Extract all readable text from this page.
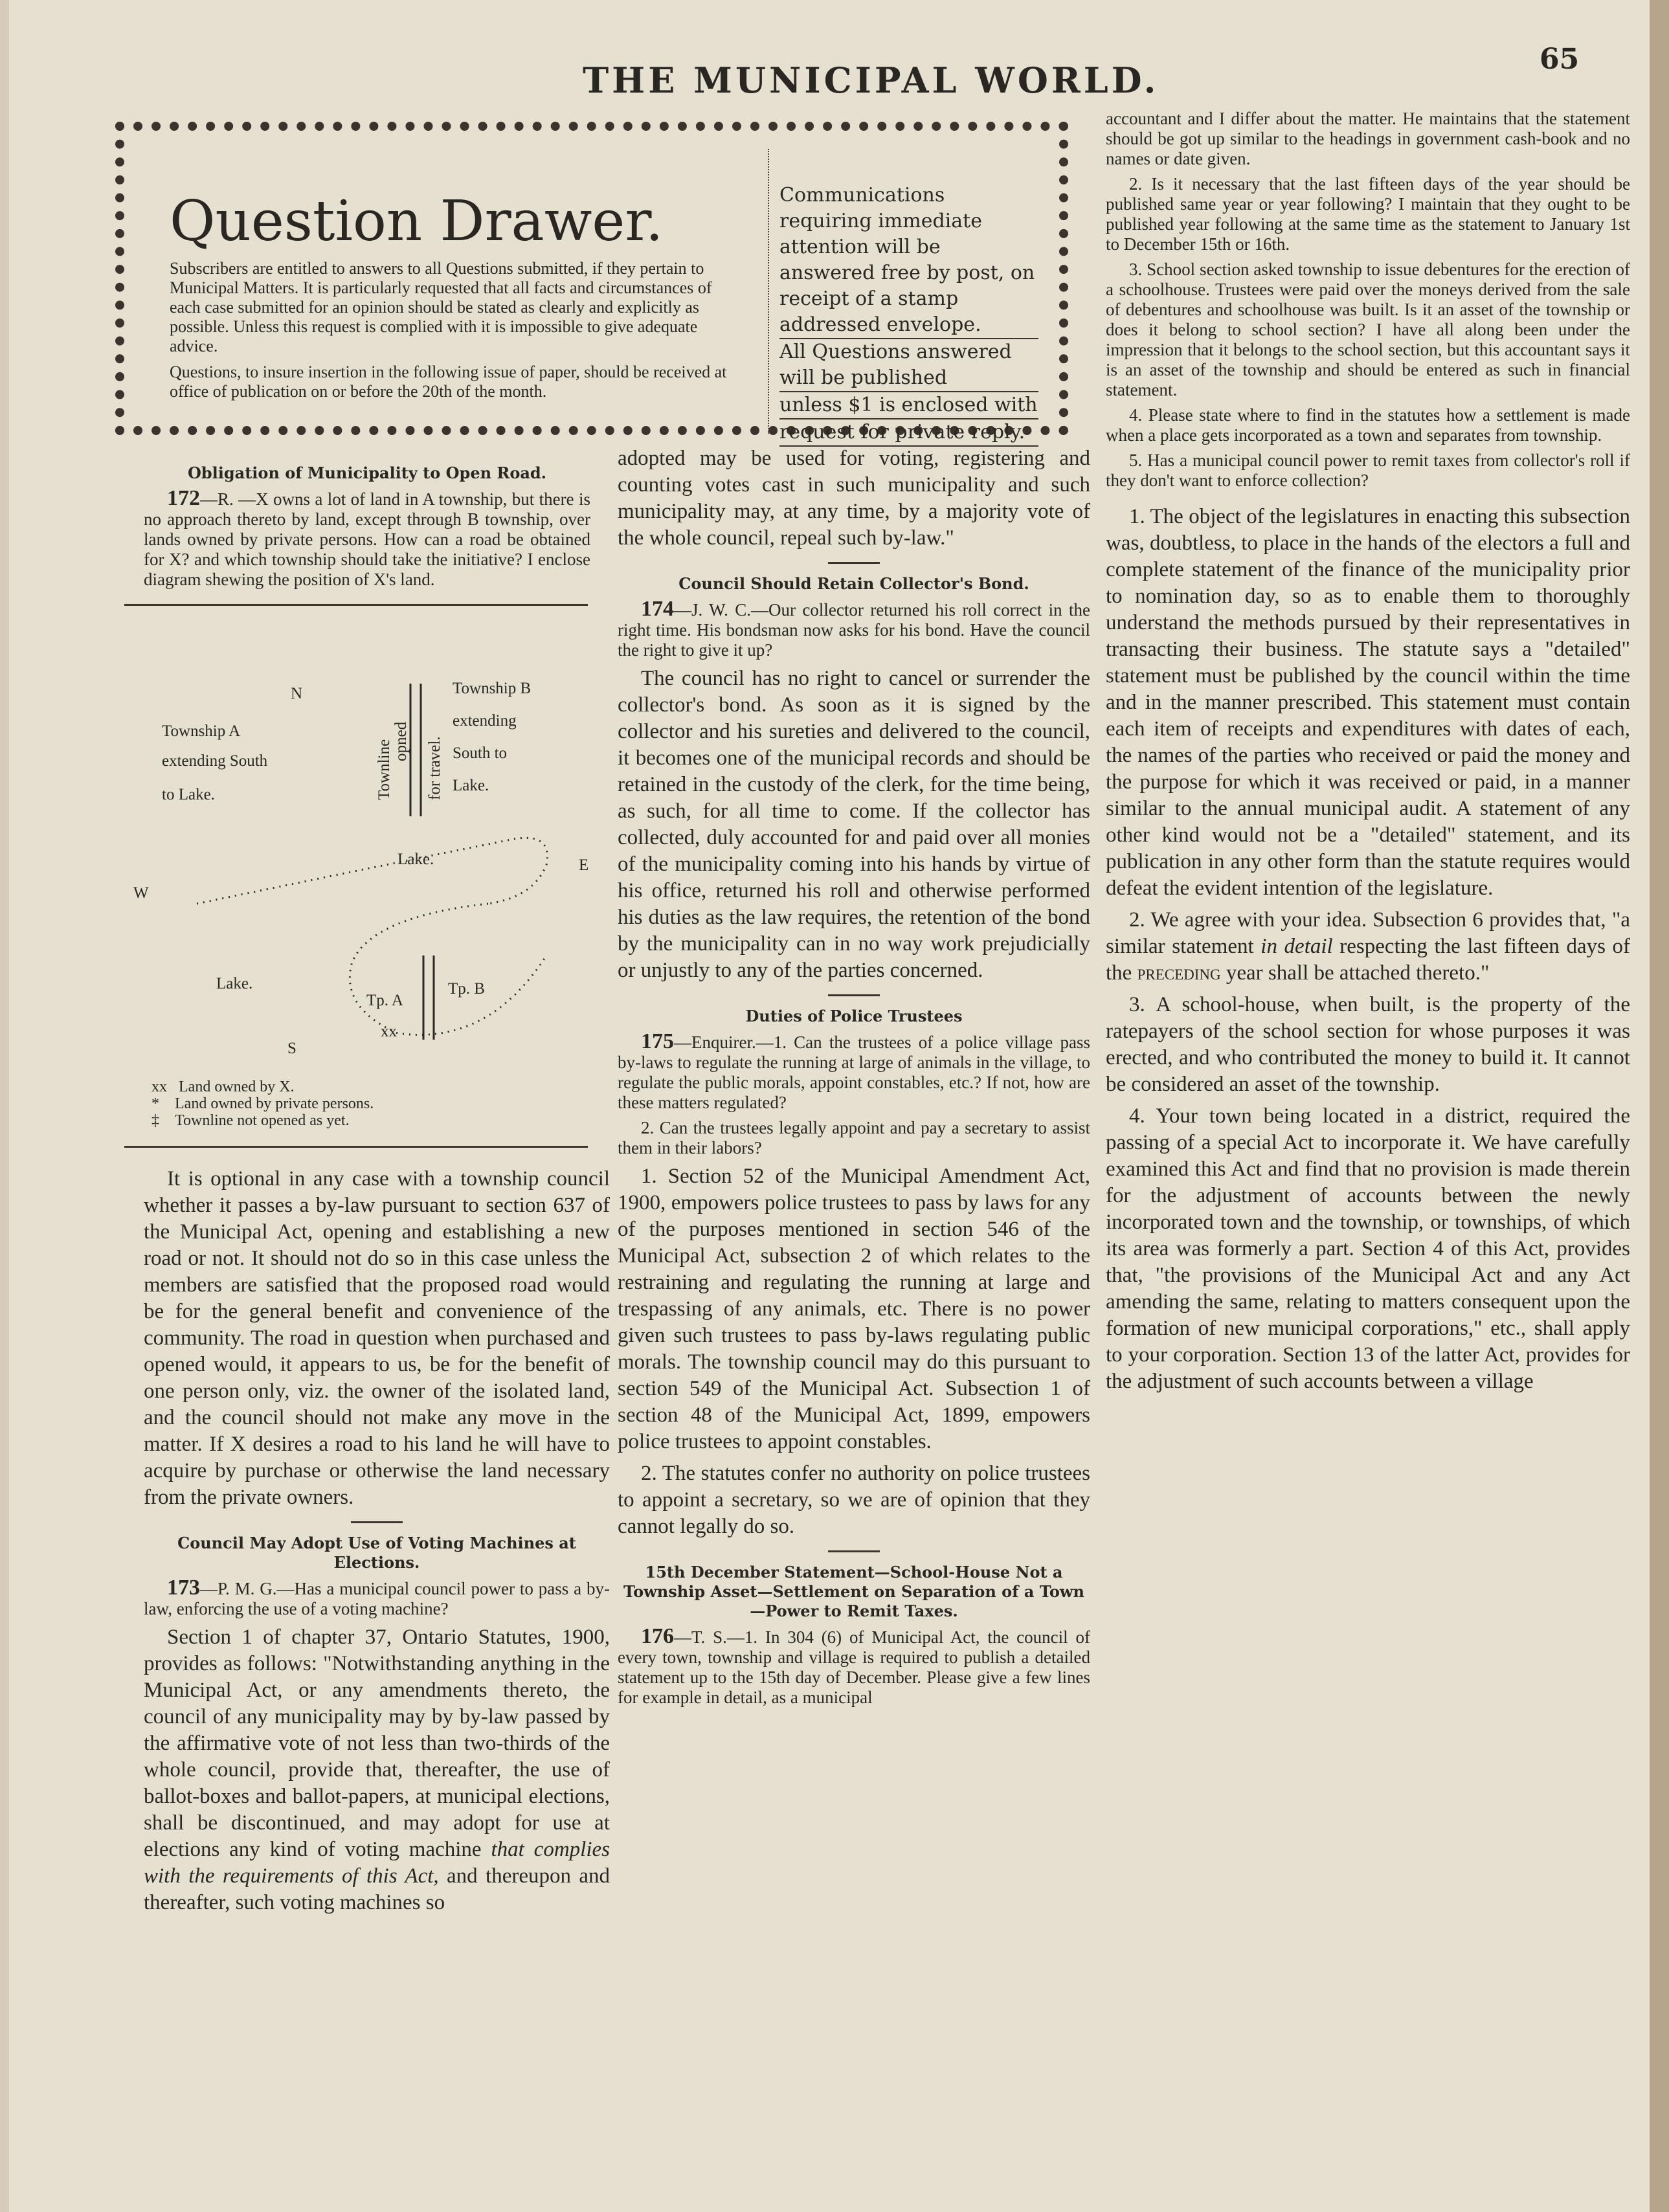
THE MUNICIPAL WORLD.
65
Question Drawer.

Subscribers are entitled to answers to all Questions submitted, if they pertain to Municipal Matters. It is particularly requested that all facts and circumstances of each case submitted for an opinion should be stated as clearly and explicitly as possible. Unless this request is complied with it is impossible to give adequate advice.

Questions, to insure insertion in the following issue of paper, should be received at office of publication on or before the 20th of the month.

Communications requiring immediate attention will be answered free by post, on receipt of a stamp addressed envelope.
All Questions answered will be published
unless $1 is enclosed with
request for private reply.
Obligation of Municipality to Open Road.

172—R. —X owns a lot of land in A township, but there is no approach thereto by land, except through B township, over lands owned by private persons. How can a road be obtained for X? and which township should take the initiative? I enclose diagram shewing the position of X's land.

N
S
E
W
Township A
extending South
to Lake.
Township B
extending
South to
Lake.
Townline opned for travel.
Lake.
Lake.
Tp. A
Tp. B
xx
xx Land owned by X.
* Land owned by private persons.
‡ Townline not opened as yet.

It is optional in any case with a township council whether it passes a by-law pursuant to section 637 of the Municipal Act, opening and establishing a new road or not. It should not do so in this case unless the members are satisfied that the proposed road would be for the general benefit and convenience of the community. The road in question when purchased and opened would, it appears to us, be for the benefit of one person only, viz. the owner of the isolated land, and the council should not make any move in the matter. If X desires a road to his land he will have to acquire by purchase or otherwise the land necessary from the private owners.

Council May Adopt Use of Voting Machines at Elections.

173—P. M. G.—Has a municipal council power to pass a by-law, enforcing the use of a voting machine?

Section 1 of chapter 37, Ontario Statutes, 1900, provides as follows: "Notwithstanding anything in the Municipal Act, or any amendments thereto, the council of any municipality may by by-law passed by the affirmative vote of not less than two-thirds of the whole council, provide that, thereafter, the use of ballot-boxes and ballot-papers, at municipal elections, shall be discontinued, and may adopt for use at elections any kind of voting machine that complies with the requirements of this Act, and thereupon and thereafter, such voting machines so

adopted may be used for voting, registering and counting votes cast in such municipality and such municipality may, at any time, by a majority vote of the whole council, repeal such by-law."

Council Should Retain Collector's Bond.

174—J. W. C.—Our collector returned his roll correct in the right time. His bondsman now asks for his bond. Have the council the right to give it up?

The council has no right to cancel or surrender the collector's bond. As soon as it is signed by the collector and his sureties and delivered to the council, it becomes one of the municipal records and should be retained in the custody of the clerk, for the time being, as such, for all time to come. If the collector has collected, duly accounted for and paid over all monies of the municipality coming into his hands by virtue of his office, returned his roll and otherwise performed his duties as the law requires, the retention of the bond by the municipality can in no way work prejudicially or unjustly to any of the parties concerned.

Duties of Police Trustees

175—Enquirer.—1. Can the trustees of a police village pass by-laws to regulate the running at large of animals in the village, to regulate the public morals, appoint constables, etc.? If not, how are these matters regulated?

2. Can the trustees legally appoint and pay a secretary to assist them in their labors?

1. Section 52 of the Municipal Amendment Act, 1900, empowers police trustees to pass by laws for any of the purposes mentioned in section 546 of the Municipal Act, subsection 2 of which relates to the restraining and regulating the running at large and trespassing of any animals, etc. There is no power given such trustees to pass by-laws regulating public morals. The township council may do this pursuant to section 549 of the Municipal Act. Subsection 1 of section 48 of the Municipal Act, 1899, empowers police trustees to appoint constables.

2. The statutes confer no authority on police trustees to appoint a secretary, so we are of opinion that they cannot legally do so.

15th December Statement—School-House Not a Township Asset—Settlement on Separation of a Town—Power to Remit Taxes.

176—T. S.—1. In 304 (6) of Municipal Act, the council of every town, township and village is required to publish a detailed statement up to the 15th day of December. Please give a few lines for example in detail, as a municipal

accountant and I differ about the matter. He maintains that the statement should be got up similar to the headings in government cash-book and no names or date given.

2. Is it necessary that the last fifteen days of the year should be published same year or year following? I maintain that they ought to be published year following at the same time as the statement to January 1st to December 15th or 16th.

3. School section asked township to issue debentures for the erection of a schoolhouse. Trustees were paid over the moneys derived from the sale of debentures and schoolhouse was built. Is it an asset of the township or does it belong to school section? I have all along been under the impression that it belongs to the school section, but this accountant says it is an asset of the township and should be entered as such in financial statement.

4. Please state where to find in the statutes how a settlement is made when a place gets incorporated as a town and separates from township.

5. Has a municipal council power to remit taxes from collector's roll if they don't want to enforce collection?

1. The object of the legislatures in enacting this subsection was, doubtless, to place in the hands of the electors a full and complete statement of the finance of the municipality prior to nomination day, so as to enable them to thoroughly understand the methods pursued by their representatives in transacting their business. The statute says a "detailed" statement must be published by the council within the time and in the manner prescribed. This statement must contain each item of receipts and expenditures with dates of each, the names of the parties who received or paid the money and the purpose for which it was received or paid, in a manner similar to the annual municipal audit. A statement of any other kind would not be a "detailed" statement, and its publication in any other form than the statute requires would defeat the evident intention of the legislature.

2. We agree with your idea. Subsection 6 provides that, "a similar statement in detail respecting the last fifteen days of the preceding year shall be attached thereto."

3. A school-house, when built, is the property of the ratepayers of the school section for whose purposes it was erected, and who contributed the money to build it. It cannot be considered an asset of the township.

4. Your town being located in a district, required the passing of a special Act to incorporate it. We have carefully examined this Act and find that no provision is made therein for the adjustment of accounts between the newly incorporated town and the township, or townships, of which its area was formerly a part. Section 4 of this Act, provides that, "the provisions of the Municipal Act and any Act amending the same, relating to matters consequent upon the formation of new municipal corporations," etc., shall apply to your corporation. Section 13 of the latter Act, provides for the adjustment of such accounts between a village
